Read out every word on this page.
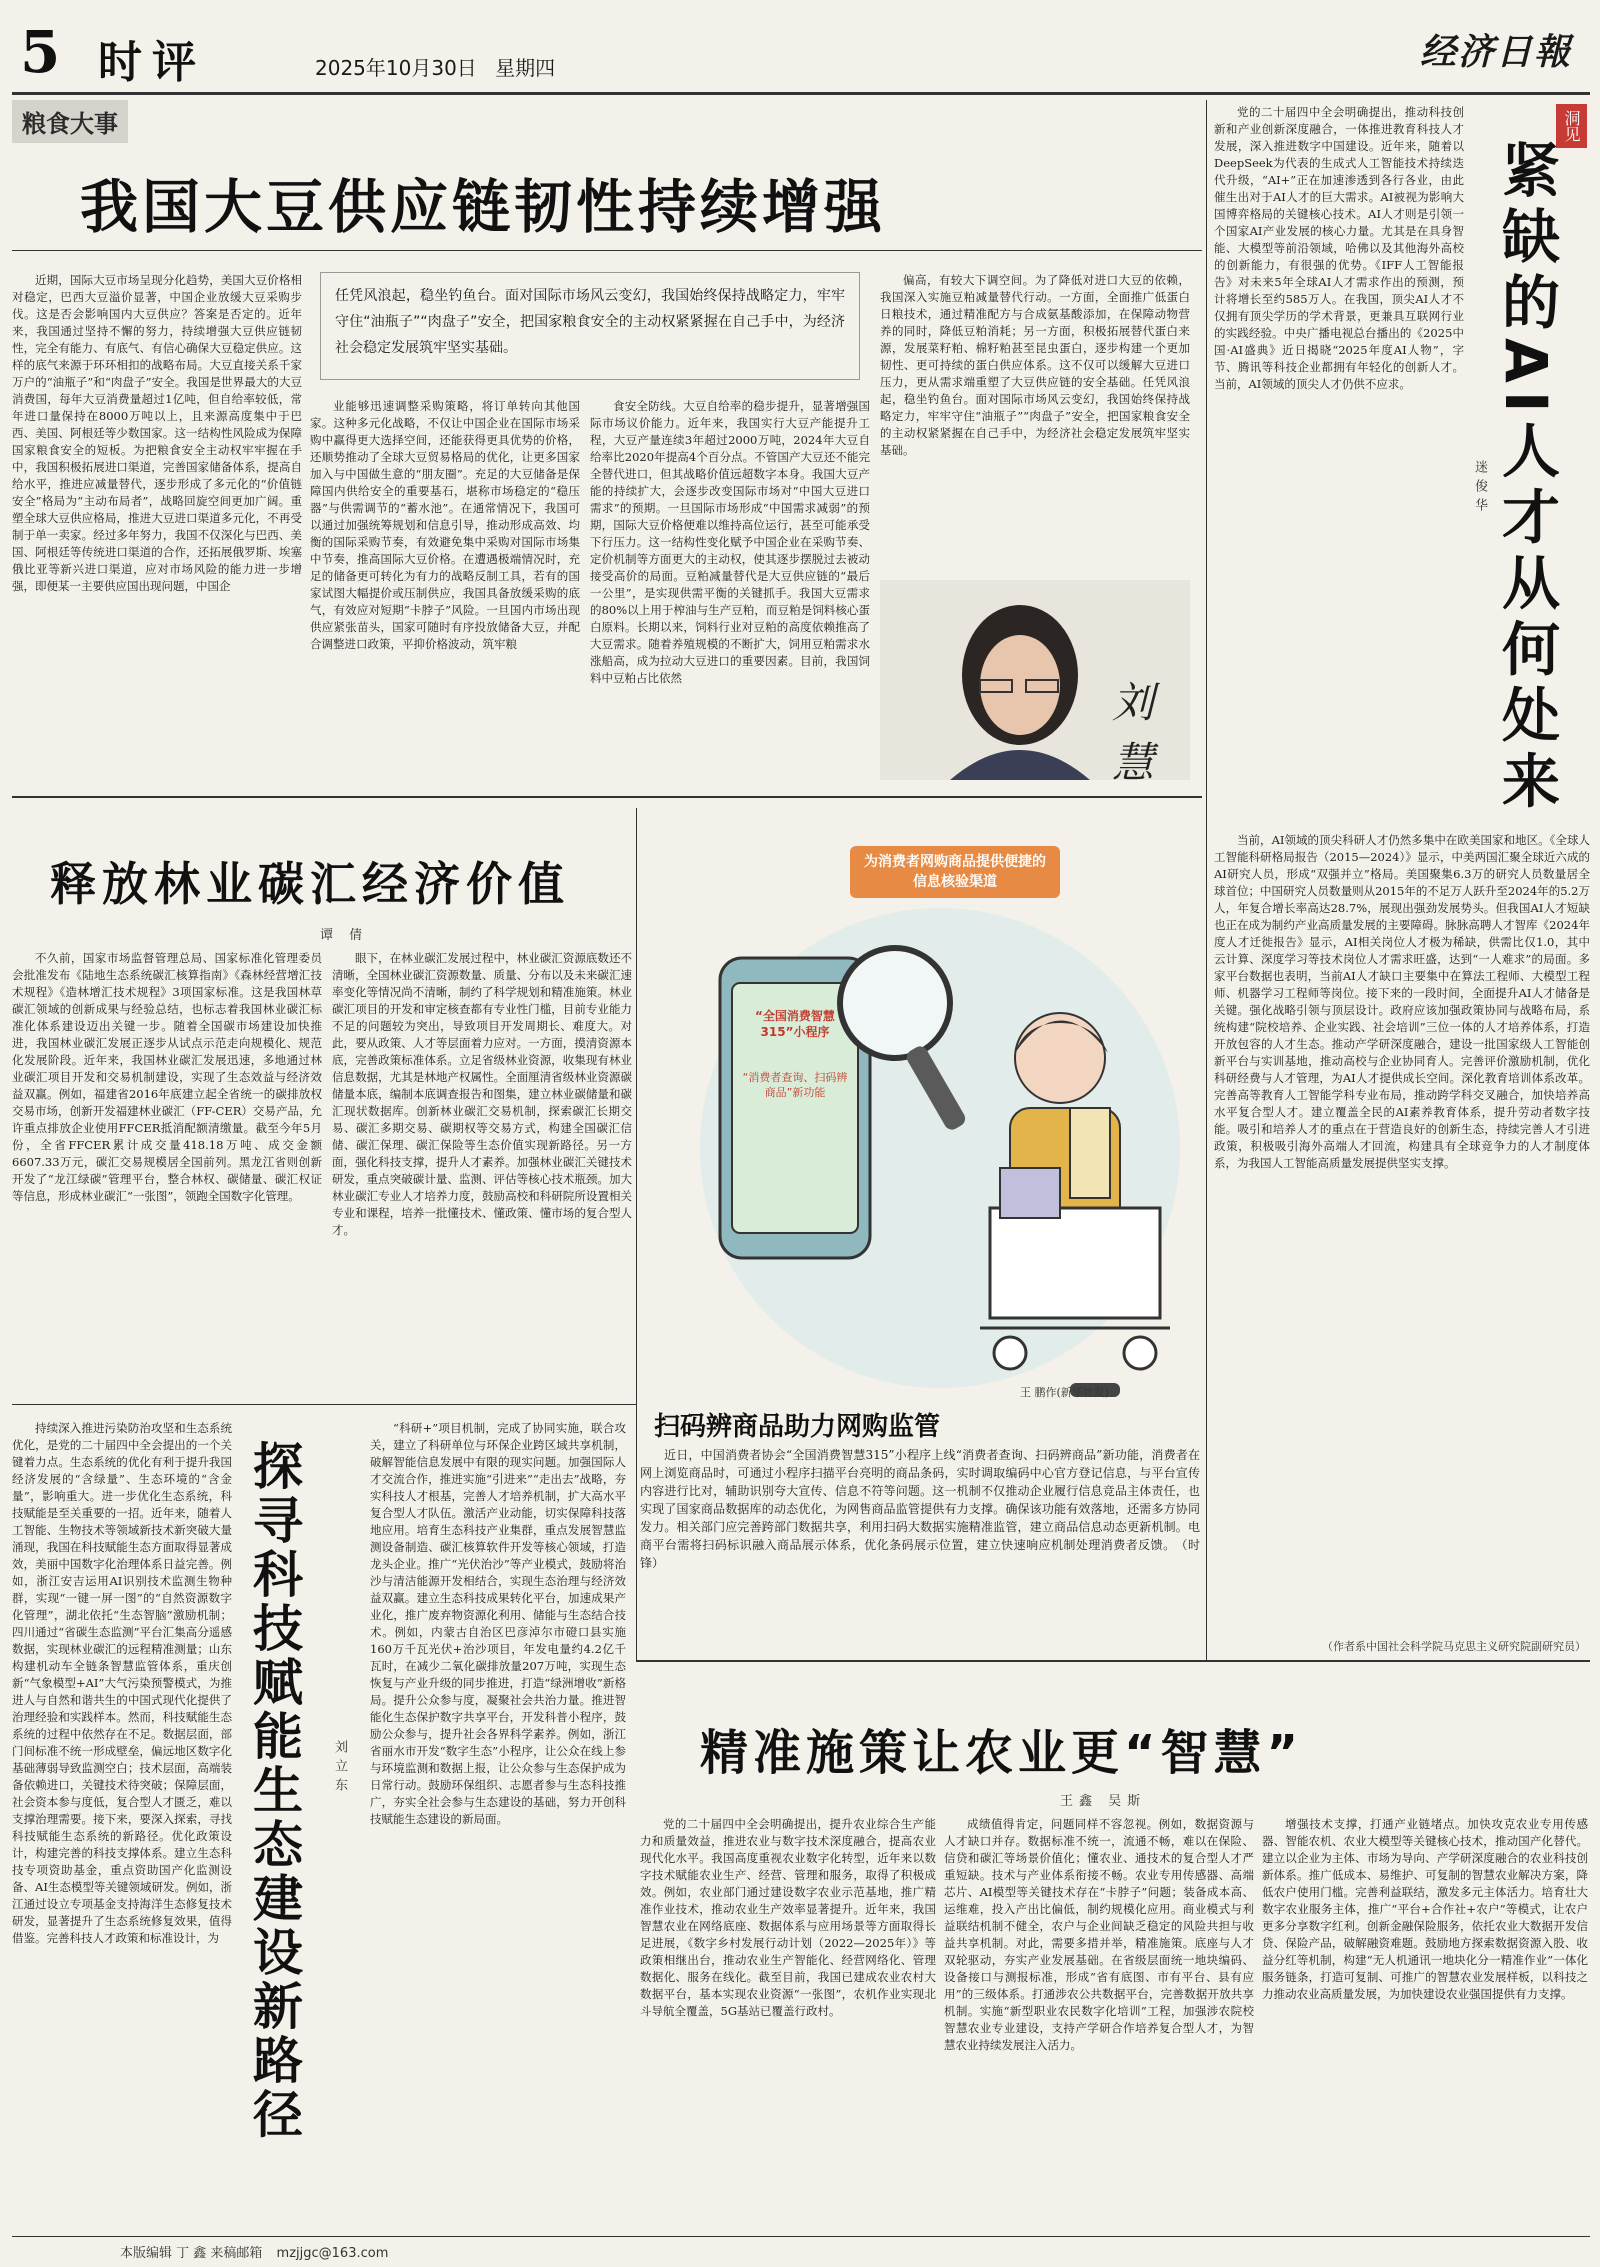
5 时评	2025年10月30日 星期四	经济日報
粮食大事
我国大豆供应链韧性持续增强

近期，国际大豆市场呈现分化趋势，美国大豆价格相对稳定，巴西大豆溢价显著，中国企业放缓大豆采购步伐。这是否会影响国内大豆供应？答案是否定的。近年来，我国通过坚持不懈的努力，持续增强大豆供应链韧性，完全有能力、有底气、有信心确保大豆稳定供应。这样的底气来源于环环相扣的战略布局。大豆直接关系千家万户的“油瓶子”和“肉盘子”安全。我国是世界最大的大豆消费国，每年大豆消费量超过1亿吨，但自给率较低，常年进口量保持在8000万吨以上，且来源高度集中于巴西、美国、阿根廷等少数国家。这一结构性风险成为保障国家粮食安全的短板。为把粮食安全主动权牢牢握在手中，我国积极拓展进口渠道，完善国家储备体系，提高自给水平，推进应减量替代，逐步形成了多元化的“价值链安全”格局为“主动布局者”，战略回旋空间更加广阔。重塑全球大豆供应格局，推进大豆进口渠道多元化，不再受制于单一卖家。经过多年努力，我国不仅深化与巴西、美国、阿根廷等传统进口渠道的合作，还拓展俄罗斯、埃塞俄比亚等新兴进口渠道，应对市场风险的能力进一步增强，即便某一主要供应国出现问题，中国企

任凭风浪起，稳坐钓鱼台。面对国际市场风云变幻，我国始终保持战略定力，牢牢守住“油瓶子”“肉盘子”安全，把国家粮食安全的主动权紧紧握在自己手中，为经济社会稳定发展筑牢坚实基础。

业能够迅速调整采购策略，将订单转向其他国家。这种多元化战略，不仅让中国企业在国际市场采购中赢得更大选择空间，还能获得更具优势的价格，还顺势推动了全球大豆贸易格局的优化，让更多国家加入与中国做生意的“朋友圈”。充足的大豆储备是保障国内供给安全的重要基石，堪称市场稳定的“稳压器”与供需调节的“蓄水池”。在通常情况下，我国可以通过加强统筹规划和信息引导，推动形成高效、均衡的国际采购节奏，有效避免集中采购对国际市场集中节奏，推高国际大豆价格。在遭遇极端情况时，充足的储备更可转化为有力的战略反制工具，若有的国家试图大幅提价或压制供应，我国具备放缓采购的底气，有效应对短期“卡脖子”风险。一旦国内市场出现供应紧张苗头，国家可随时有序投放储备大豆，并配合调整进口政策，平抑价格波动，筑牢粮

食安全防线。大豆自给率的稳步提升，显著增强国际市场议价能力。近年来，我国实行大豆产能提升工程，大豆产量连续3年超过2000万吨，2024年大豆自给率比2020年提高4个百分点。不管国产大豆还不能完全替代进口，但其战略价值远超数字本身。我国大豆产能的持续扩大，会逐步改变国际市场对“中国大豆进口需求”的预期。一旦国际市场形成“中国需求减弱”的预期，国际大豆价格便难以维持高位运行，甚至可能承受下行压力。这一结构性变化赋予中国企业在采购节奏、定价机制等方面更大的主动权，使其逐步摆脱过去被动接受高价的局面。豆粕减量替代是大豆供应链的“最后一公里”，是实现供需平衡的关键抓手。我国大豆需求的80%以上用于榨油与生产豆粕，而豆粕是饲料核心蛋白原料。长期以来，饲料行业对豆粕的高度依赖推高了大豆需求。随着养殖规模的不断扩大，饲用豆粕需求水涨船高，成为拉动大豆进口的重要因素。目前，我国饲料中豆粕占比依然

偏高，有较大下调空间。为了降低对进口大豆的依赖，我国深入实施豆粕减量替代行动。一方面，全面推广低蛋白日粮技术，通过精准配方与合成氨基酸添加，在保障动物营养的同时，降低豆粕消耗；另一方面，积极拓展替代蛋白来源，发展菜籽粕、棉籽粕甚至昆虫蛋白，逐步构建一个更加韧性、更可持续的蛋白供应体系。这不仅可以缓解大豆进口压力，更从需求端重塑了大豆供应链的安全基础。任凭风浪起，稳坐钓鱼台。面对国际市场风云变幻，我国始终保持战略定力，牢牢守住“油瓶子”“肉盘子”安全，把国家粮食安全的主动权紧紧握在自己手中，为经济社会稳定发展筑牢坚实基础。

刘慧
释放林业碳汇经济价值
谭 倩

不久前，国家市场监督管理总局、国家标准化管理委员会批准发布《陆地生态系统碳汇核算指南》《森林经营增汇技术规程》《造林增汇技术规程》3项国家标准。这是我国林草碳汇领域的创新成果与经验总结，也标志着我国林业碳汇标准化体系建设迈出关键一步。随着全国碳市场建设加快推进，我国林业碳汇发展正逐步从试点示范走向规模化、规范化发展阶段。近年来，我国林业碳汇发展迅速，多地通过林业碳汇项目开发和交易机制建设，实现了生态效益与经济效益双赢。例如，福建省2016年底建立起全省统一的碳排放权交易市场，创新开发福建林业碳汇（FF-CER）交易产品，允许重点排放企业使用FFCER抵消配额清缴量。截至今年5月份，全省FFCER累计成交量418.18万吨、成交金额6607.33万元，碳汇交易规模居全国前列。黑龙江省则创新开发了“龙江绿碳”管理平台，整合林权、碳储量、碳汇权证等信息，形成林业碳汇“一张图”，领跑全国数字化管理。

眼下，在林业碳汇发展过程中，林业碳汇资源底数还不清晰，全国林业碳汇资源数量、质量、分布以及未来碳汇速率变化等情况尚不清晰，制约了科学规划和精准施策。林业碳汇项目的开发和审定核查都有专业性门槛，目前专业能力不足的问题较为突出，导致项目开发周期长、难度大。对此，要从政策、人才等层面着力应对。一方面，摸清资源本底，完善政策标准体系。立足省级林业资源，收集现有林业信息数据，尤其是林地产权属性。全面厘清省级林业资源碳储量本底，编制本底调查报告和图集，建立林业碳储量和碳汇现状数据库。创新林业碳汇交易机制，探索碳汇长期交易、碳汇多期交易、碳期权等交易方式，构建全国碳汇信储、碳汇保理、碳汇保险等生态价值实现新路径。另一方面，强化科技支撑，提升人才素养。加强林业碳汇关键技术研发，重点突破碳计量、监测、评估等核心技术瓶颈。加大林业碳汇专业人才培养力度，鼓励高校和科研院所设置相关专业和课程，培养一批懂技术、懂政策、懂市场的复合型人才。

为消费者网购商品提供便捷的信息核验渠道
“全国消费智慧315”小程序
“消费者查询、扫码辨商品”新功能
王 鹏作(新华社发)
扫码辨商品助力网购监管

近日，中国消费者协会“全国消费智慧315”小程序上线“消费者查询、扫码辨商品”新功能，消费者在网上浏览商品时，可通过小程序扫描平台亮明的商品条码，实时调取编码中心官方登记信息，与平台宣传内容进行比对，辅助识别夸大宣传、信息不符等问题。这一机制不仅推动企业履行信息竞品主体责任，也实现了国家商品数据库的动态优化，为网售商品监管提供有力支撑。确保该功能有效落地，还需多方协同发力。相关部门应完善跨部门数据共享，利用扫码大数据实施精准监管，建立商品信息动态更新机制。电商平台需将扫码标识融入商品展示体系，优化条码展示位置，建立快速响应机制处理消费者反馈。 （时 锋）

持续深入推进污染防治攻坚和生态系统优化，是党的二十届四中全会提出的一个关键着力点。生态系统的优化有利于提升我国经济发展的“含绿量”、生态环境的“含金量”，影响重大。进一步优化生态系统，科技赋能是至关重要的一招。近年来，随着人工智能、生物技术等领域新技术新突破大量涌现，我国在科技赋能生态方面取得显著成效，美丽中国数字化治理体系日益完善。例如，浙江安吉运用AI识别技术监测生物种群，实现“一键一屏一图”的“自然资源数字化管理”，湖北依托“生态智脑”激励机制；四川通过“省碳生态监测”平台汇集高分遥感数据，实现林业碳汇的远程精准测量；山东构建机动车全链条智慧监管体系，重庆创新“气象模型+AI”大气污染预警模式，为推进人与自然和谐共生的中国式现代化提供了治理经验和实践样本。然而，科技赋能生态系统的过程中依然存在不足。数据层面，部门间标准不统一形成壁垒，偏远地区数字化基础薄弱导致监测空白；技术层面，高端装备依赖进口，关键技术待突破；保障层面，社会资本参与度低，复合型人才匮乏，难以支撑治理需要。接下来，要深入探索，寻找科技赋能生态系统的新路径。优化政策设计，构建完善的科技支撑体系。建立生态科技专项资助基金，重点资助国产化监测设备、AI生态模型等关键领域研发。例如，浙江通过设立专项基金支持海洋生态修复技术研发，显著提升了生态系统修复效果，值得借鉴。完善科技人才政策和标准设计，为 探寻科技赋能生态建设新路径	刘立东

“科研+”项目机制，完成了协同实施，联合攻关，建立了科研单位与环保企业跨区域共享机制，破解智能信息发展中有限的现实问题。加强国际人才交流合作，推进实施“引进来”“走出去”战略，夯实科技人才根基，完善人才培养机制，扩大高水平复合型人才队伍。激活产业动能，切实保障科技落地应用。培育生态科技产业集群，重点发展智慧监测设备制造、碳汇核算软件开发等核心领域，打造龙头企业。推广“光伏治沙”等产业模式，鼓励将治沙与清洁能源开发相结合，实现生态治理与经济效益双赢。建立生态科技成果转化平台，加速成果产业化，推广废弃物资源化利用、储能与生态结合技术。例如，内蒙古自治区巴彦淖尔市磴口县实施160万千瓦光伏+治沙项目，年发电量约4.2亿千瓦时，在减少二氧化碳排放量207万吨，实现生态恢复与产业升级的同步推进，打造“绿洲增收”新格局。提升公众参与度，凝聚社会共治力量。推进智能化生态保护数字共享平台，开发科普小程序，鼓励公众参与，提升社会各界科学素养。例如，浙江省丽水市开发“数字生态”小程序，让公众在线上参与环境监测和数据上报，让公众参与生态保护成为日常行动。鼓励环保组织、志愿者参与生态科技推广，夯实全社会参与生态建设的基础，努力开创科技赋能生态建设的新局面。

精准施策让农业更“智慧”
王鑫 吴斯

党的二十届四中全会明确提出，提升农业综合生产能力和质量效益，推进农业与数字技术深度融合，提高农业现代化水平。我国高度重视农业数字化转型，近年来以数字技术赋能农业生产、经营、管理和服务，取得了积极成效。例如，农业部门通过建设数字农业示范基地，推广精准作业技术，推动农业生产效率显著提升。近年来，我国智慧农业在网络底座、数据体系与应用场景等方面取得长足进展，《数字乡村发展行动计划（2022—2025年）》等政策相继出台，推动农业生产智能化、经营网络化、管理数据化、服务在线化。截至目前，我国已建成农业农村大数据平台，基本实现农业资源“一张图”，农机作业实现北斗导航全覆盖，5G基站已覆盖行政村。

成绩值得肯定，问题同样不容忽视。例如，数据资源与人才缺口并存。数据标准不统一，流通不畅，难以在保险、信贷和碳汇等场景价值化；懂农业、通技术的复合型人才严重短缺。技术与产业体系衔接不畅。农业专用传感器、高端芯片、AI模型等关键技术存在“卡脖子”问题；装备成本高、运维难，投入产出比偏低，制约规模化应用。商业模式与利益联结机制不健全，农户与企业间缺乏稳定的风险共担与收益共享机制。对此，需要多措并举，精准施策。底座与人才双轮驱动，夯实产业发展基础。在省级层面统一地块编码、设备接口与测报标准，形成“省有底图、市有平台、县有应用”的三级体系。打通涉农公共数据平台，完善数据开放共享机制。实施“新型职业农民数字化培训”工程，加强涉农院校智慧农业专业建设，支持产学研合作培养复合型人才，为智慧农业持续发展注入活力。

增强技术支撑，打通产业链堵点。加快攻克农业专用传感器、智能农机、农业大模型等关键核心技术，推动国产化替代。建立以企业为主体、市场为导向、产学研深度融合的农业科技创新体系。推广低成本、易维护、可复制的智慧农业解决方案，降低农户使用门槛。完善利益联结，激发多元主体活力。培育壮大数字农业服务主体，推广“平台+合作社+农户”等模式，让农户更多分享数字红利。创新金融保险服务，依托农业大数据开发信贷、保险产品，破解融资难题。鼓励地方探索数据资源入股、收益分红等机制，构建“无人机通讯一地块化分一精准作业”一体化服务链条，打造可复制、可推广的智慧农业发展样板，以科技之力推动农业高质量发展，为加快建设农业强国提供有力支撑。

党的二十届四中全会明确提出，推动科技创新和产业创新深度融合，一体推进教育科技人才发展，深入推进数字中国建设。近年来，随着以DeepSeek为代表的生成式人工智能技术持续迭代升级，“AI+”正在加速渗透到各行各业，由此催生出对于AI人才的巨大需求。AI被视为影响大国博弈格局的关键核心技术。AI人才则是引领一个国家AI产业发展的核心力量。尤其是在具身智能、大模型等前沿领域，哈佛以及其他海外高校的创新能力，有很强的优势。《IFF人工智能报告》对未来5年全球AI人才需求作出的预测，预计将增长至约585万人。在我国，顶尖AI人才不仅拥有顶尖学历的学术背景，更兼具互联网行业的实践经验。中央广播电视总台播出的《2025中国·AI盛典》近日揭晓“2025年度AI人物”，字节、腾讯等科技企业都拥有年轻化的创新人才。当前，AI领域的顶尖人才仍供不应求。

洞见
紧缺的AI人才从何处来
迷俊华

当前，AI领域的顶尖科研人才仍然多集中在欧美国家和地区。《全球人工智能科研格局报告（2015—2024）》显示，中美两国汇聚全球近六成的AI研究人员，形成“双强并立”格局。美国聚集6.3万的研究人员数量居全球首位；中国研究人员数量则从2015年的不足万人跃升至2024年的5.2万人，年复合增长率高达28.7%，展现出强劲发展势头。但我国AI人才短缺也正在成为制约产业高质量发展的主要障碍。脉脉高聘人才智库《2024年度人才迁徙报告》显示，AI相关岗位人才极为稀缺，供需比仅1.0，其中云计算、深度学习等技术岗位人才需求旺盛，达到“一人难求”的局面。多家平台数据也表明，当前AI人才缺口主要集中在算法工程师、大模型工程师、机器学习工程师等岗位。接下来的一段时间，全面提升AI人才储备是关键。强化战略引领与顶层设计。政府应该加强政策协同与战略布局，系统构建“院校培养、企业实践、社会培训”三位一体的人才培养体系，打造开放包容的人才生态。推动产学研深度融合，建设一批国家级人工智能创新平台与实训基地，推动高校与企业协同育人。完善评价激励机制，优化科研经费与人才管理，为AI人才提供成长空间。深化教育培训体系改革。完善高等教育人工智能学科专业布局，推动跨学科交叉融合，加快培养高水平复合型人才。建立覆盖全民的AI素养教育体系，提升劳动者数字技能。吸引和培养人才的重点在于营造良好的创新生态，持续完善人才引进政策，积极吸引海外高端人才回流，构建具有全球竞争力的人才制度体系，为我国人工智能高质量发展提供坚实支撑。

（作者系中国社会科学院马克思主义研究院副研究员）
本版编辑 丁 鑫 来稿邮箱 mzjjgc@163.com
